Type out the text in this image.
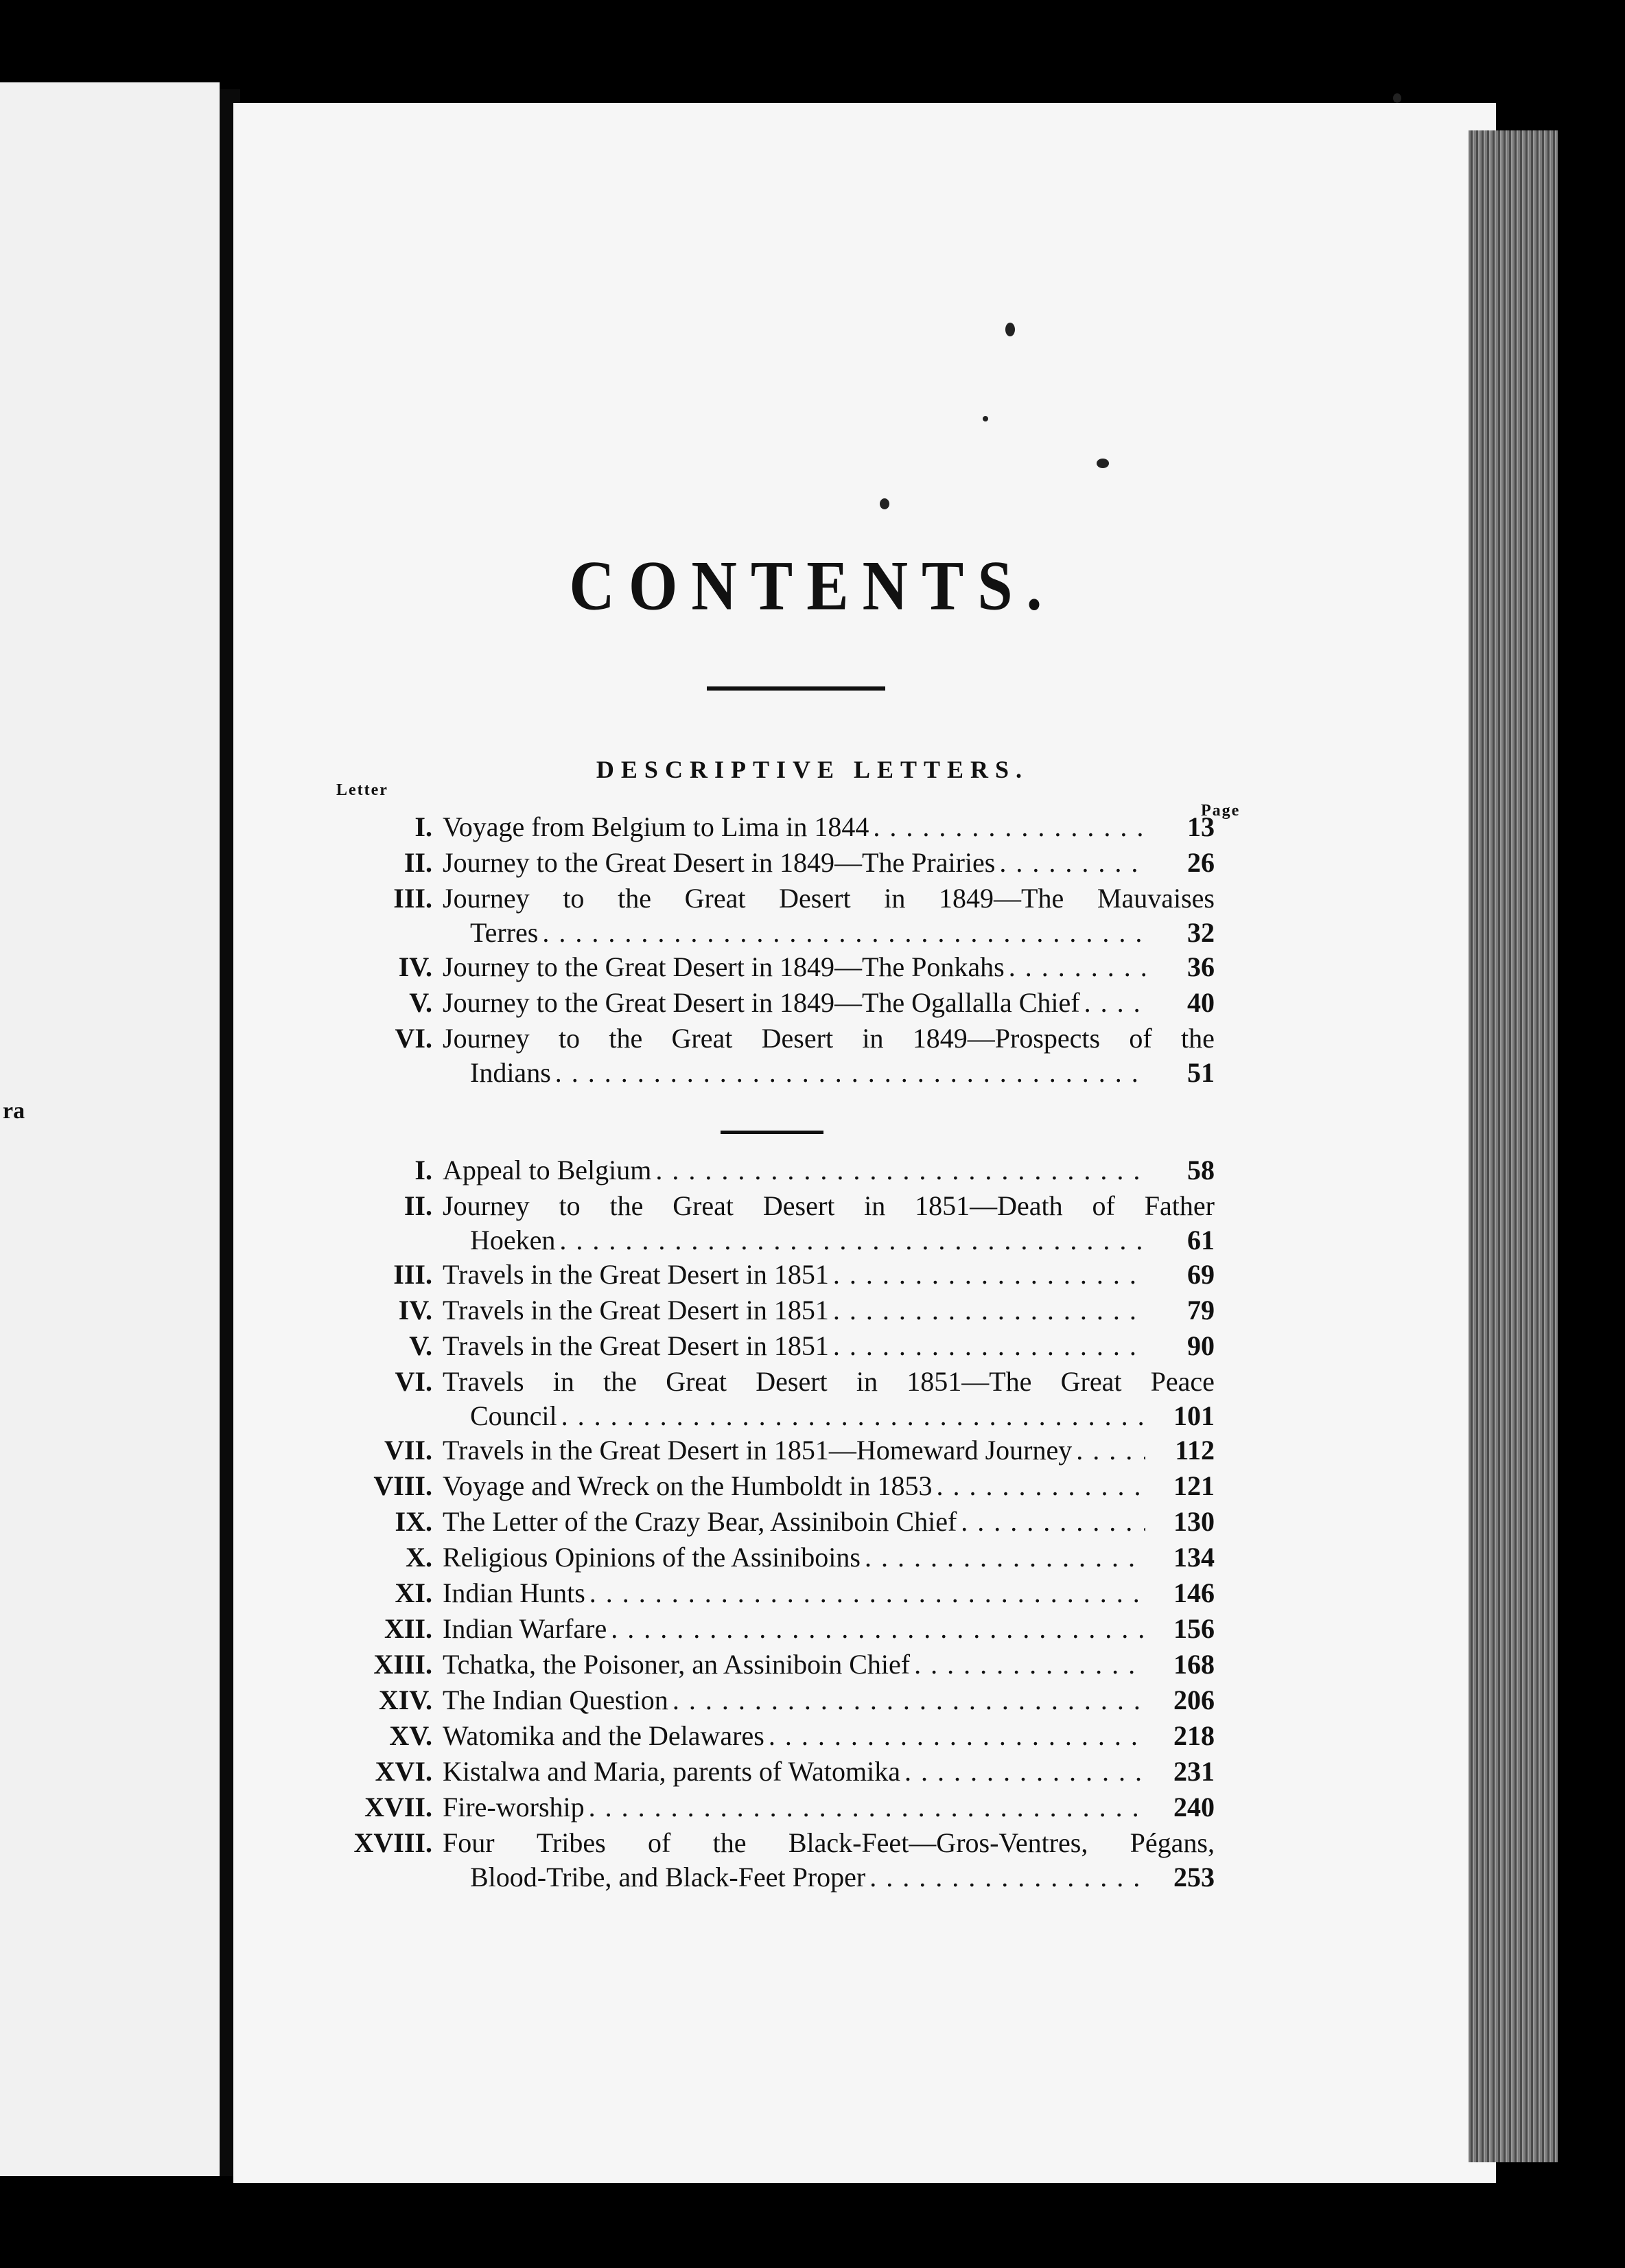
ra
CONTENTS.
DESCRIPTIVE LETTERS.
Letter
Page
I. Voyage from Belgium to Lima in 1844 . . .	13
II. Journey to the Great Desert in 1849—The Prairies . . .	26
III. Journey to the Great Desert in 1849—The Mauvaises
Terres . . .	32
IV. Journey to the Great Desert in 1849—The Ponkahs . . .	36
V. Journey to the Great Desert in 1849—The Ogallalla Chief . . .	40
VI. Journey to the Great Desert in 1849—Prospects of the
Indians . . .	51
I. Appeal to Belgium . . .	58
II. Journey to the Great Desert in 1851—Death of Father
Hoeken . . .	61
III. Travels in the Great Desert in 1851 . . .	69
IV. Travels in the Great Desert in 1851 . . .	79
V. Travels in the Great Desert in 1851 . . .	90
VI. Travels in the Great Desert in 1851—The Great Peace
Council . . .	101
VII. Travels in the Great Desert in 1851—Homeward Journey . . .	112
VIII. Voyage and Wreck on the Humboldt in 1853 . . .	121
IX. The Letter of the Crazy Bear, Assiniboin Chief . . .	130
X. Religious Opinions of the Assiniboins . . .	134
XI. Indian Hunts . . .	146
XII. Indian Warfare . . .	156
XIII. Tchatka, the Poisoner, an Assiniboin Chief . . .	168
XIV. The Indian Question . . .	206
XV. Watomika and the Delawares . . .	218
XVI. Kistalwa and Maria, parents of Watomika . . .	231
XVII. Fire-worship . . .	240
XVIII. Four Tribes of the Black-Feet—Gros-Ventres, Pégans,
Blood-Tribe, and Black-Feet Proper . . .	253
